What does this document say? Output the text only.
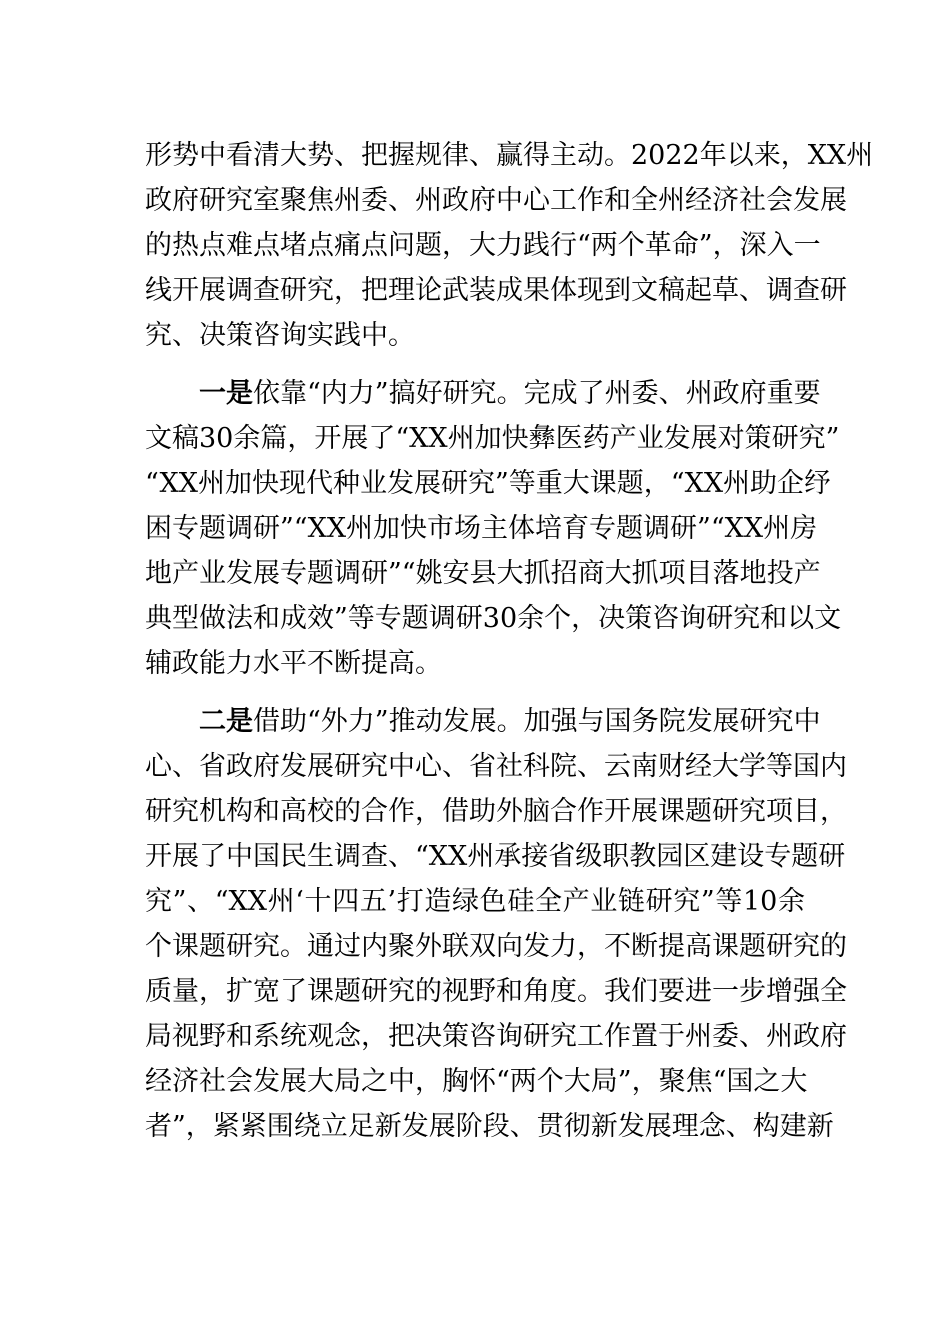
形势中看清大势、把握规律、赢得主动。2022年以来，XX州
政府研究室聚焦州委、州政府中心工作和全州经济社会发展
的热点难点堵点痛点问题，大力践行“两个革命”，深入一
线开展调查研究，把理论武装成果体现到文稿起草、调查研
究、决策咨询实践中。
一是依靠“内力”搞好研究。完成了州委、州政府重要
文稿30余篇，开展了“XX州加快彝医药产业发展对策研究”
“XX州加快现代种业发展研究”等重大课题，“XX州助企纾
困专题调研”“XX州加快市场主体培育专题调研”“XX州房
地产业发展专题调研”“姚安县大抓招商大抓项目落地投产
典型做法和成效”等专题调研30余个，决策咨询研究和以文
辅政能力水平不断提高。
二是借助“外力”推动发展。加强与国务院发展研究中
心、省政府发展研究中心、省社科院、云南财经大学等国内
研究机构和高校的合作，借助外脑合作开展课题研究项目，
开展了中国民生调查、“XX州承接省级职教园区建设专题研
究”、“XX州‘十四五’打造绿色硅全产业链研究”等10余
个课题研究。通过内聚外联双向发力，不断提高课题研究的
质量，扩宽了课题研究的视野和角度。我们要进一步增强全
局视野和系统观念，把决策咨询研究工作置于州委、州政府
经济社会发展大局之中，胸怀“两个大局”，聚焦“国之大
者”，紧紧围绕立足新发展阶段、贯彻新发展理念、构建新
